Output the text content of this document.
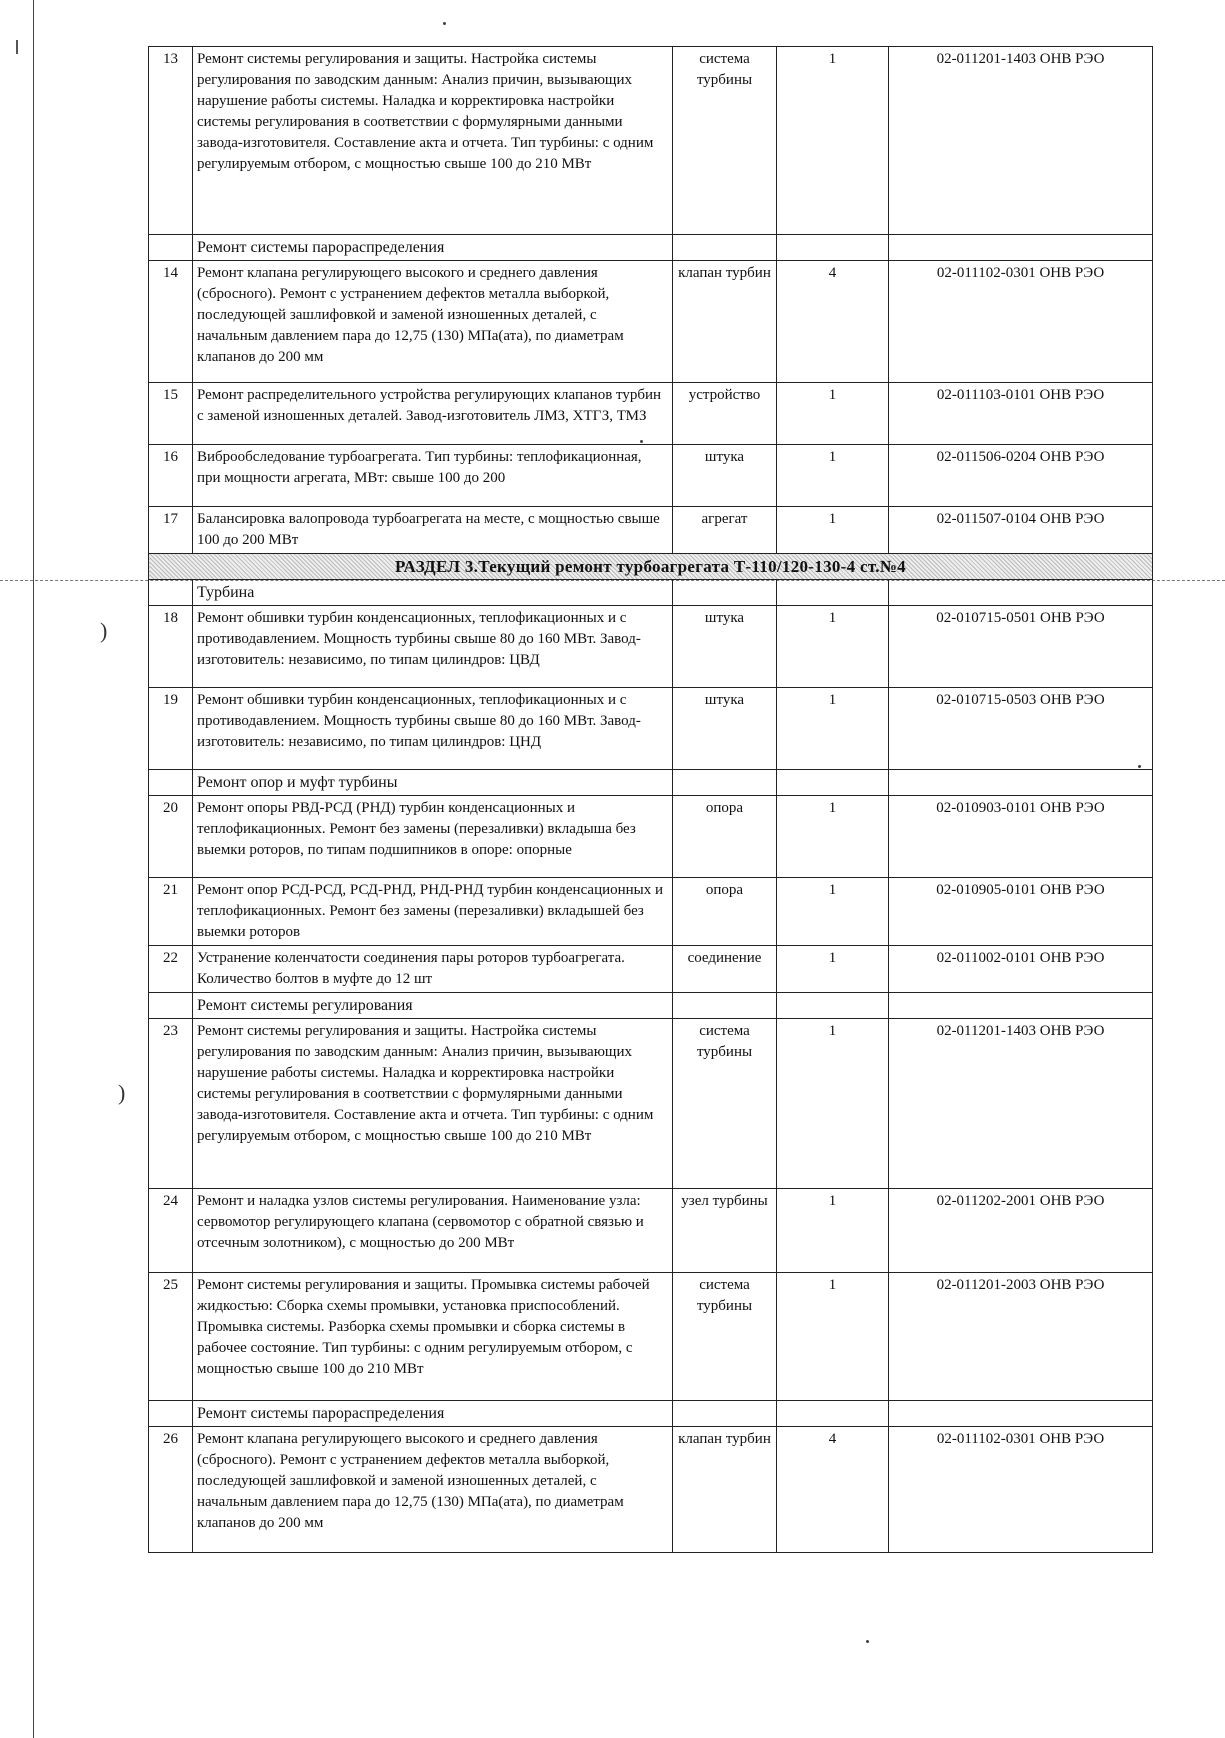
)
)
13	Ремонт системы регулирования и защиты. Настройка системы регулирования по заводским данным: Анализ причин, вызывающих нарушение работы системы. Наладка и корректировка настройки системы регулирования в соответствии с формулярными данными завода-изготовителя. Составление акта и отчета. Тип турбины: с одним регулируемым отбором, с мощностью свыше 100 до 210 МВт	система турбины	1	02-011201-1403 ОНВ РЭО
	Ремонт системы парораспределения			
14	Ремонт клапана регулирующего высокого и среднего давления (сбросного). Ремонт с устранением дефектов металла выборкой, последующей зашлифовкой и заменой изношенных деталей, с начальным давлением пара до 12,75 (130) МПа(ата), по диаметрам клапанов до 200 мм	клапан турбин	4	02-011102-0301 ОНВ РЭО
15	Ремонт распределительного устройства регулирующих клапанов турбин с заменой изношенных деталей. Завод-изготовитель ЛМЗ, ХТГЗ, ТМЗ	устройство	1	02-011103-0101 ОНВ РЭО
16	Виброобследование турбоагрегата. Тип турбины: теплофикационная, при мощности агрегата, МВт: свыше 100 до 200	штука	1	02-011506-0204 ОНВ РЭО
17	Балансировка валопровода турбоагрегата на месте, с мощностью свыше 100 до 200 МВт	агрегат	1	02-011507-0104 ОНВ РЭО
РАЗДЕЛ 3.Текущий ремонт турбоагрегата Т-110/120-130-4 ст.№4				
	Турбина			
18	Ремонт обшивки турбин конденсационных, теплофикационных и с противодавлением. Мощность турбины свыше 80 до 160 МВт. Завод-изготовитель: независимо, по типам цилиндров: ЦВД	штука	1	02-010715-0501 ОНВ РЭО
19	Ремонт обшивки турбин конденсационных, теплофикационных и с противодавлением. Мощность турбины свыше 80 до 160 МВт. Завод-изготовитель: независимо, по типам цилиндров: ЦНД	штука	1	02-010715-0503 ОНВ РЭО
	Ремонт опор и муфт турбины			
20	Ремонт опоры РВД-РСД (РНД) турбин конденсационных и теплофикационных. Ремонт без замены (перезаливки) вкладыша без выемки роторов, по типам подшипников в опоре: опорные	опора	1	02-010903-0101 ОНВ РЭО
21	Ремонт опор РСД-РСД, РСД-РНД, РНД-РНД турбин конденсационных и теплофикационных. Ремонт без замены (перезаливки) вкладышей без выемки роторов	опора	1	02-010905-0101 ОНВ РЭО
22	Устранение коленчатости соединения пары роторов турбоагрегата. Количество болтов в муфте до 12 шт	соединение	1	02-011002-0101 ОНВ РЭО
	Ремонт системы регулирования			
23	Ремонт системы регулирования и защиты. Настройка системы регулирования по заводским данным: Анализ причин, вызывающих нарушение работы системы. Наладка и корректировка настройки системы регулирования в соответствии с формулярными данными завода-изготовителя. Составление акта и отчета. Тип турбины: с одним регулируемым отбором, с мощностью свыше 100 до 210 МВт	система турбины	1	02-011201-1403 ОНВ РЭО
24	Ремонт и наладка узлов системы регулирования. Наименование узла: сервомотор регулирующего клапана (сервомотор с обратной связью и отсечным золотником), с мощностью до 200 МВт	узел турбины	1	02-011202-2001 ОНВ РЭО
25	Ремонт системы регулирования и защиты. Промывка системы рабочей жидкостью: Сборка схемы промывки, установка приспособлений. Промывка системы. Разборка схемы промывки и сборка системы в рабочее состояние. Тип турбины: с одним регулируемым отбором, с мощностью свыше 100 до 210 МВт	система турбины	1	02-011201-2003 ОНВ РЭО
	Ремонт системы парораспределения			
26	Ремонт клапана регулирующего высокого и среднего давления (сбросного). Ремонт с устранением дефектов металла выборкой, последующей зашлифовкой и заменой изношенных деталей, с начальным давлением пара до 12,75 (130) МПа(ата), по диаметрам клапанов до 200 мм	клапан турбин	4	02-011102-0301 ОНВ РЭО
